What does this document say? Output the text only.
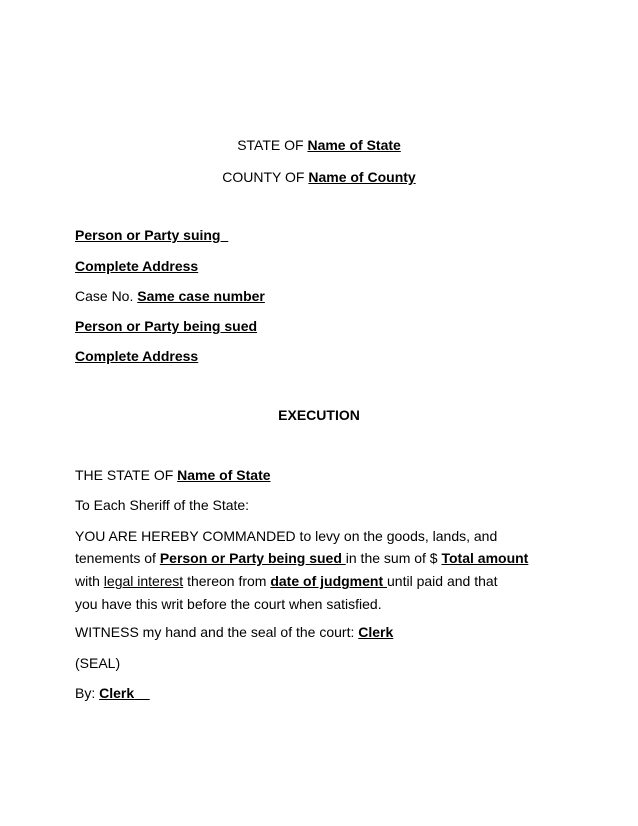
STATE OF Name of State
COUNTY OF Name of County
Person or Party suing
Complete Address
Case No. Same case number
Person or Party being sued
Complete Address
EXECUTION
THE STATE OF Name of State
To Each Sheriff of the State:
YOU ARE HEREBY COMMANDED to levy on the goods, lands, and
tenements of Person or Party being sued in the sum of $ Total amount
with legal interest thereon from date of judgment until paid and that
you have this writ before the court when satisfied.
WITNESS my hand and the seal of the court: Clerk
(SEAL)
By: Clerk
